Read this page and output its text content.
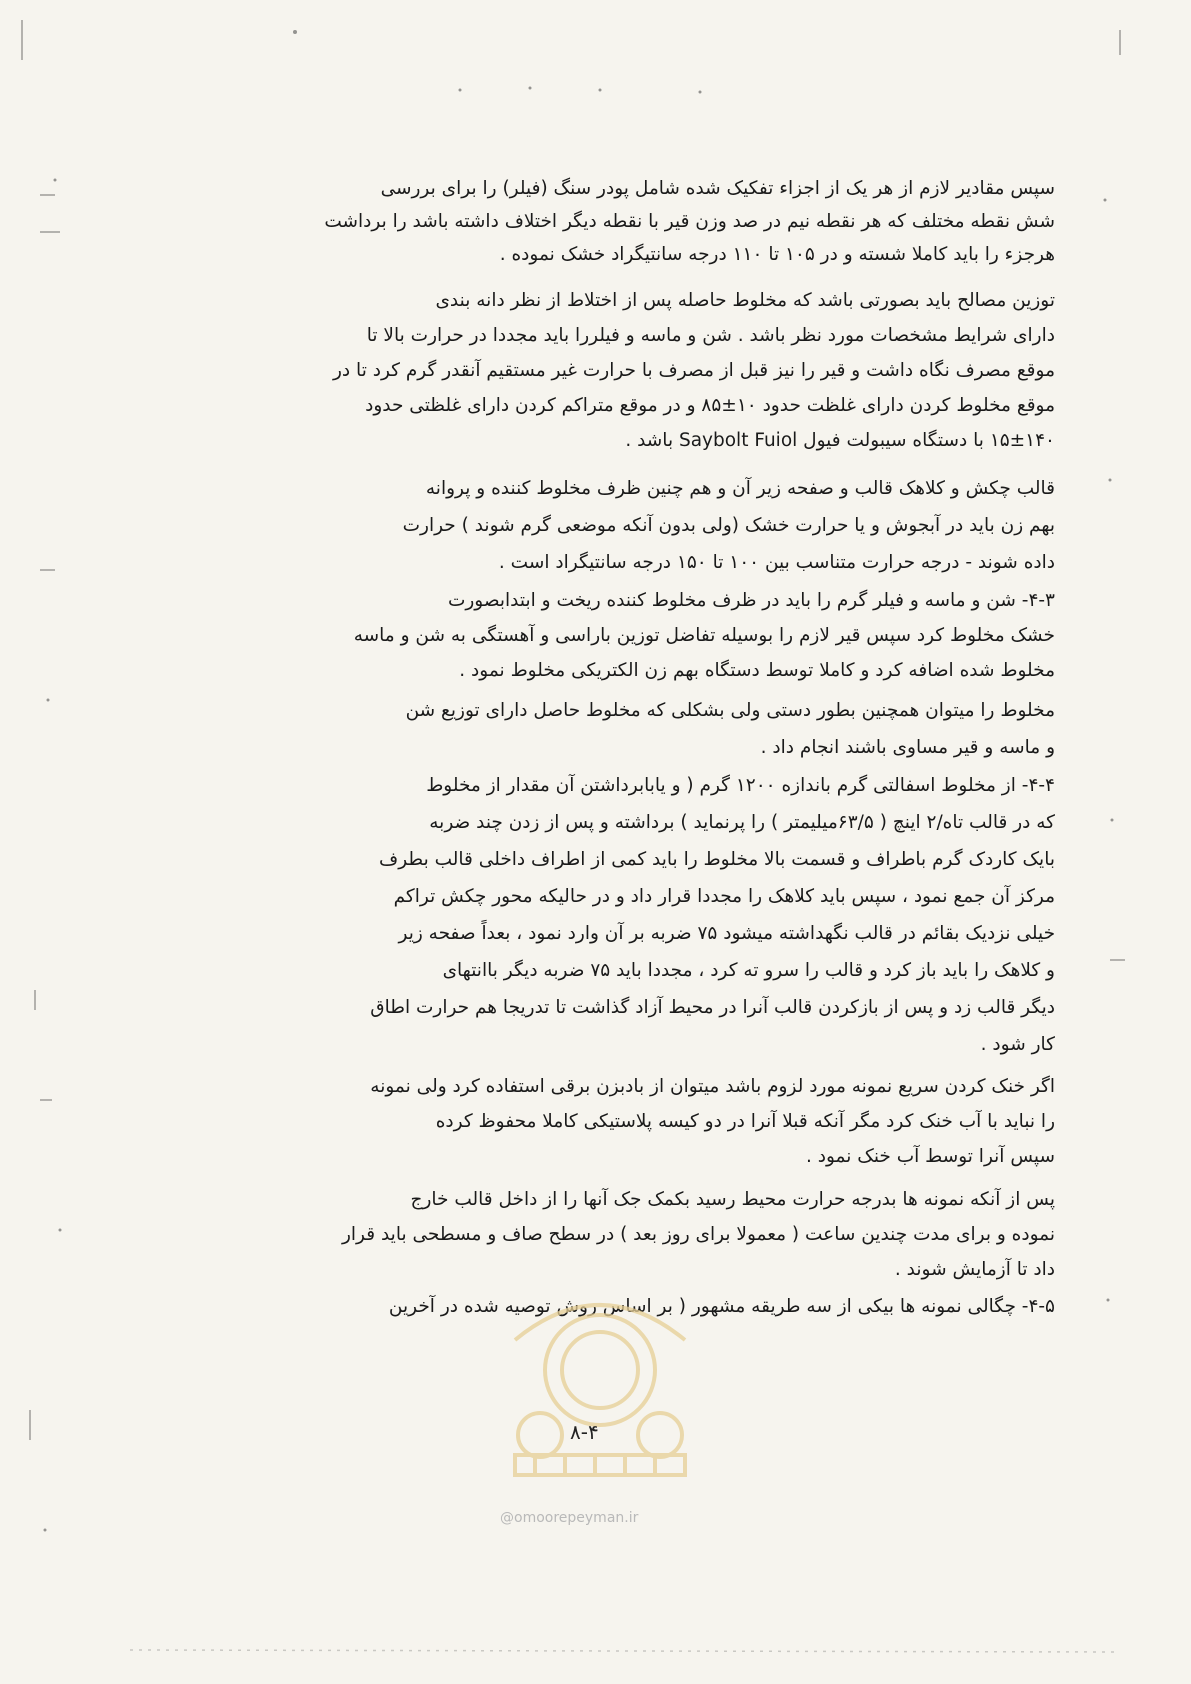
سپس مقادیر لازم از هر یک از اجزاء تفکیک شده شامل پودر سنگ (فیلر) را برای بررسی
شش نقطه مختلف که هر نقطه نیم در صد وزن قیر با نقطه دیگر اختلاف داشته باشد را برداشت
هرجزء را باید کاملا شسته و در ۱۰۵ تا ۱۱۰ درجه سانتیگراد خشک نموده .
توزین مصالح باید بصورتی باشد که مخلوط حاصله پس از اختلاط از نظر دانه بندی
دارای شرایط مشخصات مورد نظر باشد . شن و ماسه و فیلررا باید مجددا در حرارت بالا تا
موقع مصرف نگاه داشت و قیر را نیز قبل از مصرف با حرارت غیر مستقیم آنقدر گرم کرد تا در
موقع مخلوط کردن دارای غلظت حدود ۱۰±۸۵ و در موقع متراکم کردن دارای غلظتی حدود
۱۵±۱۴۰ با دستگاه سیبولت فیول Saybolt Fuiol باشد .
قالب چکش و کلاهک قالب و صفحه زیر آن و هم چنین ظرف مخلوط کننده و پروانه
بهم زن باید در آبجوش و یا حرارت خشک (ولی بدون آنکه موضعی گرم شوند ) حرارت
داده شوند - درجه حرارت متناسب بین ۱۰۰ تا ۱۵۰ درجه سانتیگراد است .
۴-۳- شن و ماسه و فیلر گرم را باید در ظرف مخلوط کننده ریخت و ابتدابصورت
خشک مخلوط کرد سپس قیر لازم را بوسیله تفاضل توزین باراسی و آهستگی به شن و ماسه
مخلوط شده اضافه کرد و کاملا توسط دستگاه بهم زن الکتریکی مخلوط نمود .
مخلوط را میتوان همچنین بطور دستی ولی بشکلی که مخلوط حاصل دارای توزیع شن
و ماسه و قیر مساوی باشند انجام داد .
۴-۴- از مخلوط اسفالتی گرم باندازه ۱۲۰۰ گرم ( و یابابرداشتن آن مقدار از مخلوط
که در قالب تاه/۲ اینچ ( ۶۳/۵میلیمتر ) را پرنماید ) برداشته و پس از زدن چند ضربه
بایک کاردک گرم باطراف و قسمت بالا مخلوط را باید کمی از اطراف داخلی قالب بطرف
مرکز آن جمع نمود ، سپس باید کلاهک را مجددا قرار داد و در حالیکه محور چکش تراکم
خیلی نزدیک بقائم در قالب نگهداشته میشود ۷۵ ضربه بر آن وارد نمود ، بعداً صفحه زیر
و کلاهک را باید باز کرد و قالب را سرو ته کرد ، مجددا باید ۷۵ ضربه دیگر باانتهای
دیگر قالب زد و پس از بازکردن قالب آنرا در محیط آزاد گذاشت تا تدریجا هم حرارت اطاق
کار شود .
اگر خنک کردن سریع نمونه مورد لزوم باشد میتوان از بادبزن برقی استفاده کرد ولی نمونه
را نباید با آب خنک کرد مگر آنکه قبلا آنرا در دو کیسه پلاستیکی کاملا محفوظ کرده
سپس آنرا توسط آب خنک نمود .
پس از آنکه نمونه ها بدرجه حرارت محیط رسید بکمک جک آنها را از داخل قالب خارج
نموده و برای مدت چندین ساعت ( معمولا برای روز بعد ) در سطح صاف و مسطحی باید قرار
داد تا آزمایش شوند .
۴-۵- چگالی نمونه ها بیکی از سه طریقه مشهور ( بر اساس روش توصیه شده در آخرین
۸-۴
@omoorepeyman.ir
